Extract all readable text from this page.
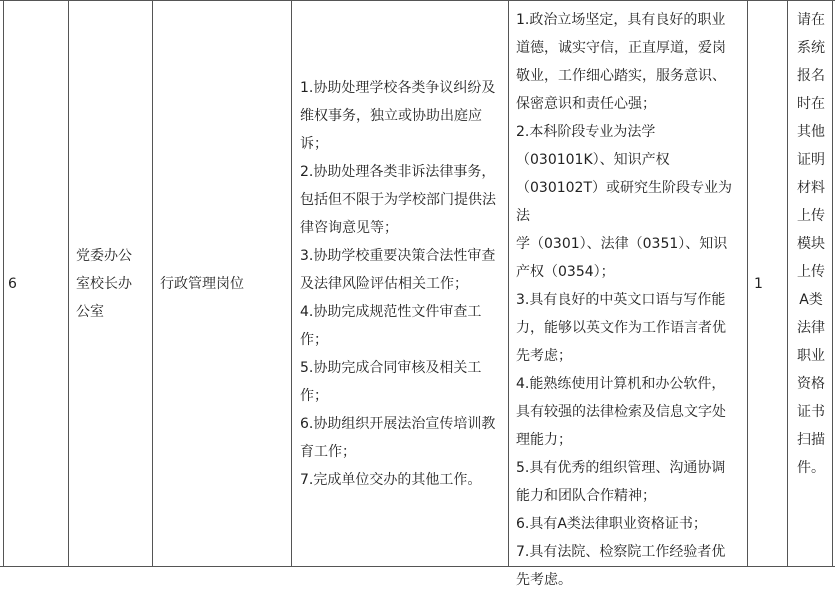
6
党委办公
室校长办
公室
行政管理岗位
1.协助处理学校各类争议纠纷及
维权事务，独立或协助出庭应
诉；
2.协助处理各类非诉法律事务，
包括但不限于为学校部门提供法
律咨询意见等；
3.协助学校重要决策合法性审查
及法律风险评估相关工作；
4.协助完成规范性文件审查工
作；
5.协助完成合同审核及相关工
作；
6.协助组织开展法治宣传培训教
育工作；
7.完成单位交办的其他工作。
1.政治立场坚定，具有良好的职业
道德，诚实守信，正直厚道，爱岗
敬业，工作细心踏实，服务意识、
保密意识和责任心强；
2.本科阶段专业为法学
（030101K）、知识产权
（030102T）或研究生阶段专业为法
学（0301）、法律（0351）、知识
产权（0354）；
3.具有良好的中英文口语与写作能
力，能够以英文作为工作语言者优
先考虑；
4.能熟练使用计算机和办公软件，
具有较强的法律检索及信息文字处
理能力；
5.具有优秀的组织管理、沟通协调
能力和团队合作精神；
6.具有A类法律职业资格证书；
7.具有法院、检察院工作经验者优
先考虑。
1
请在
系统
报名
时在
其他
证明
材料
上传
模块
上传
A类
法律
职业
资格
证书
扫描
件。
